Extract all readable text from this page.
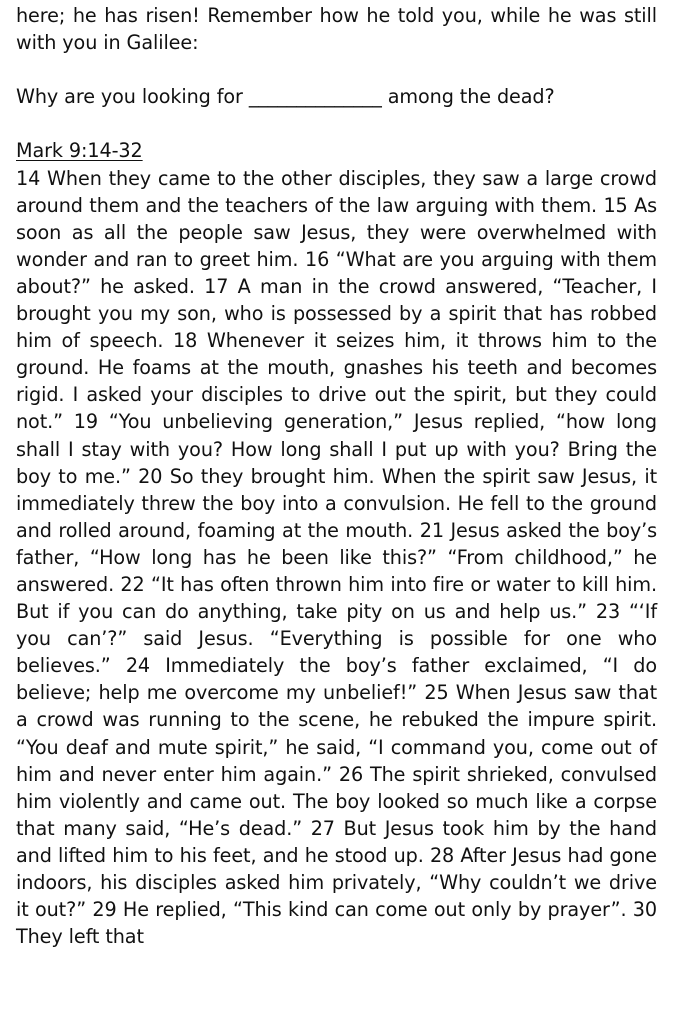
here; he has risen! Remember how he told you, while he was still with you in Galilee:

Why are you looking for ______________ among the dead?

Mark 9:14-32

14 When they came to the other disciples, they saw a large crowd around them and the teachers of the law arguing with them. 15 As soon as all the people saw Jesus, they were overwhelmed with wonder and ran to greet him. 16 “What are you arguing with them about?” he asked. 17 A man in the crowd answered, “Teacher, I brought you my son, who is possessed by a spirit that has robbed him of speech. 18 Whenever it seizes him, it throws him to the ground. He foams at the mouth, gnashes his teeth and becomes rigid. I asked your disciples to drive out the spirit, but they could not.” 19 “You unbelieving generation,” Jesus replied, “how long shall I stay with you? How long shall I put up with you? Bring the boy to me.” 20 So they brought him. When the spirit saw Jesus, it immediately threw the boy into a convulsion. He fell to the ground and rolled around, foaming at the mouth. 21 Jesus asked the boy’s father, “How long has he been like this?” “From childhood,” he answered. 22 “It has often thrown him into fire or water to kill him. But if you can do anything, take pity on us and help us.” 23 “‘If you can’?” said Jesus. “Everything is possible for one who believes.” 24 Immediately the boy’s father exclaimed, “I do believe; help me overcome my unbelief!” 25 When Jesus saw that a crowd was running to the scene, he rebuked the impure spirit. “You deaf and mute spirit,” he said, “I command you, come out of him and never enter him again.” 26 The spirit shrieked, convulsed him violently and came out. The boy looked so much like a corpse that many said, “He’s dead.” 27 But Jesus took him by the hand and lifted him to his feet, and he stood up. 28 After Jesus had gone indoors, his disciples asked him privately, “Why couldn’t we drive it out?” 29 He replied, “This kind can come out only by prayer”. 30 They left that
